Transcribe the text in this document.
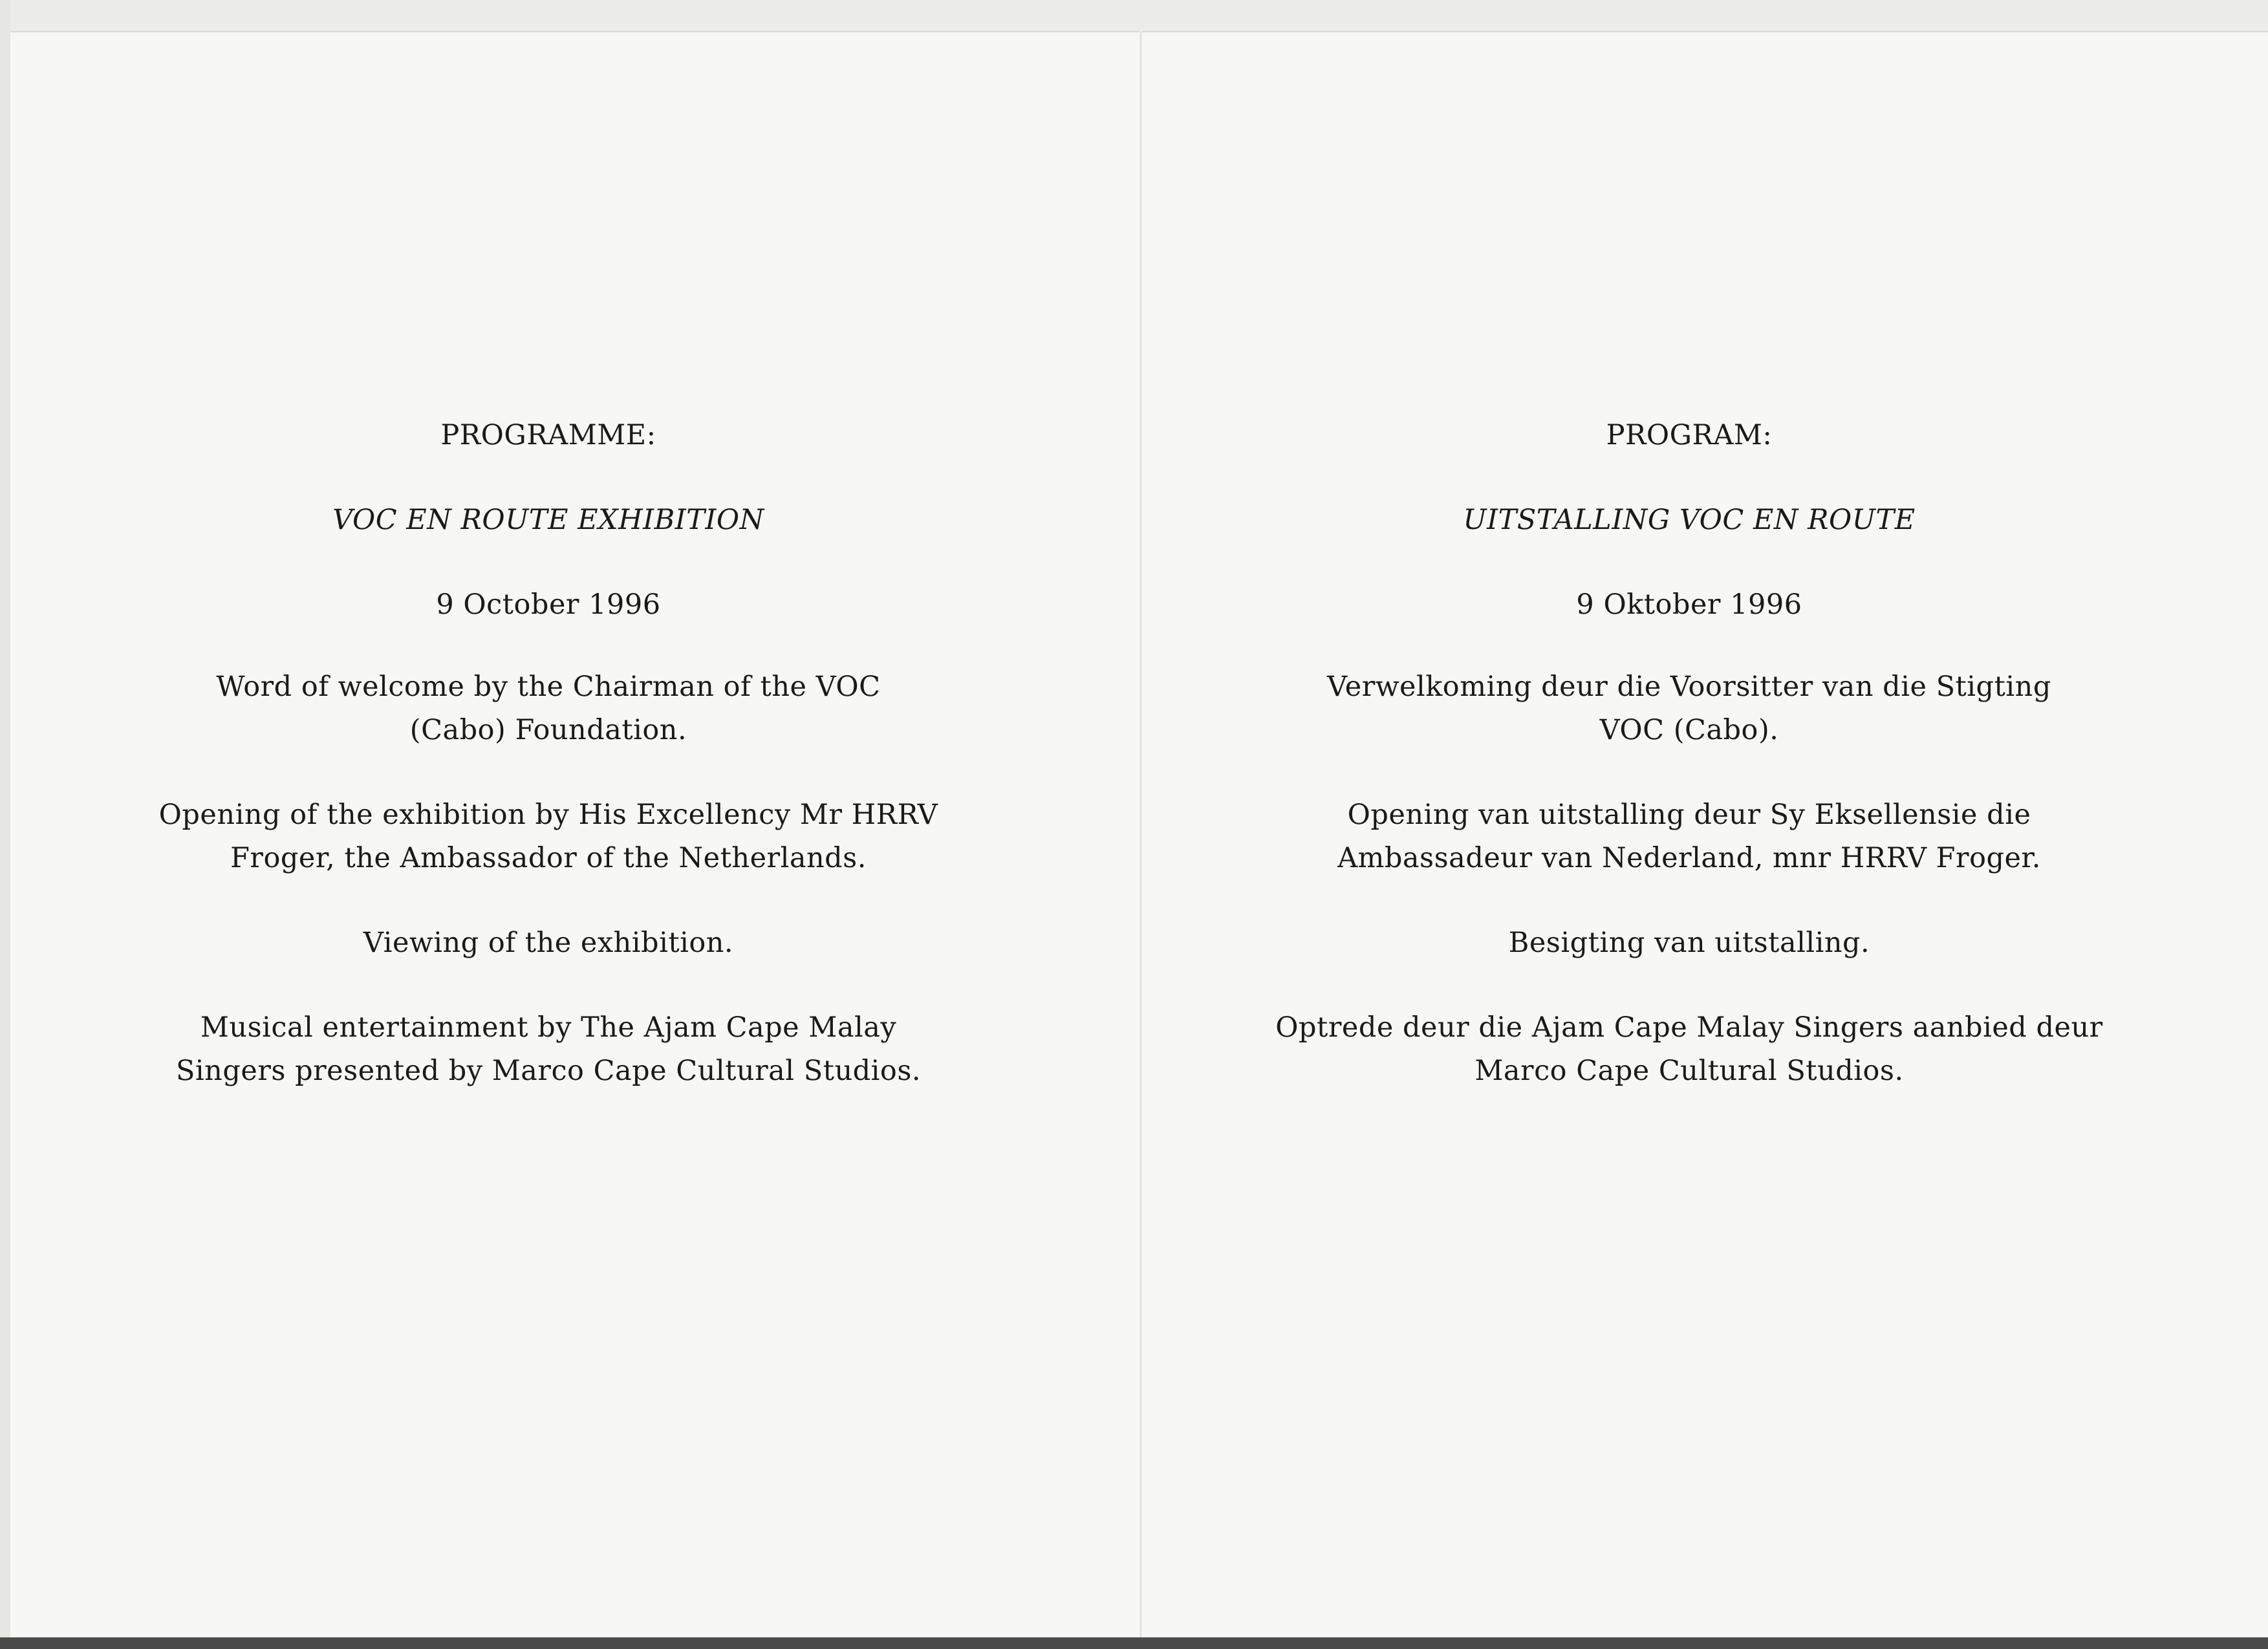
PROGRAMME:

VOC EN ROUTE EXHIBITION

9 October 1996

Word of welcome by the Chairman of the VOC (Cabo) Foundation.

Opening of the exhibition by His Excellency Mr HRRV Froger, the Ambassador of the Netherlands.

Viewing of the exhibition.

Musical entertainment by The Ajam Cape Malay Singers presented by Marco Cape Cultural Studios.

PROGRAM:

UITSTALLING VOC EN ROUTE

9 Oktober 1996

Verwelkoming deur die Voorsitter van die Stigting VOC (Cabo).

Opening van uitstalling deur Sy Eksellensie die Ambassadeur van Nederland, mnr HRRV Froger.

Besigting van uitstalling.

Optrede deur die Ajam Cape Malay Singers aanbied deur Marco Cape Cultural Studios.
